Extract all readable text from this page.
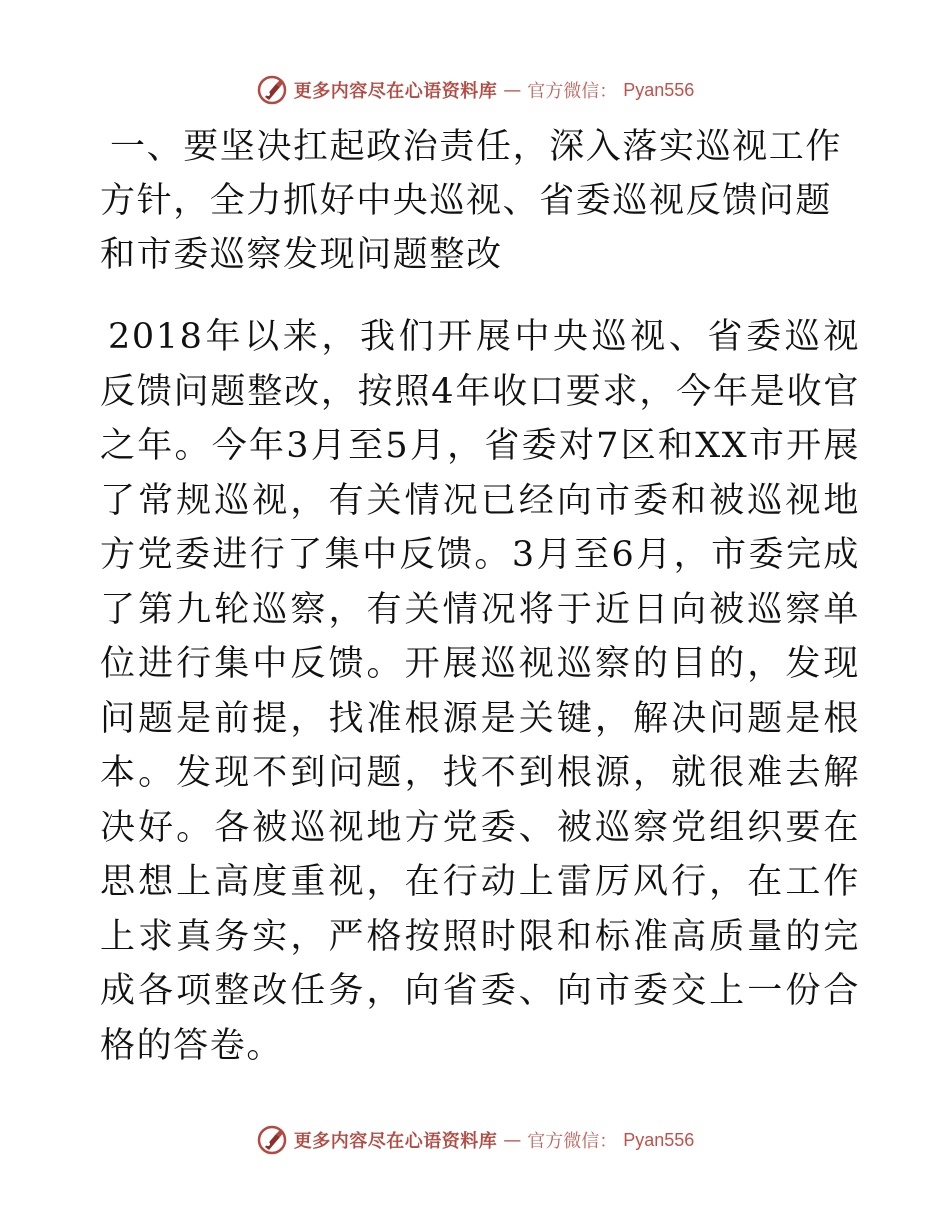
更多内容尽在心语资料库 — 官方微信： Pyan556
一、要坚决扛起政治责任，深入落实巡视工作方针，全力抓好中央巡视、省委巡视反馈问题和市委巡察发现问题整改

2018年以来，我们开展中央巡视、省委巡视反馈问题整改，按照4年收口要求，今年是收官之年。今年3月至5月，省委对7区和XX市开展了常规巡视，有关情况已经向市委和被巡视地方党委进行了集中反馈。3月至6月，市委完成了第九轮巡察，有关情况将于近日向被巡察单位进行集中反馈。开展巡视巡察的目的，发现问题是前提，找准根源是关键，解决问题是根本。发现不到问题，找不到根源，就很难去解决好。各被巡视地方党委、被巡察党组织要在思想上高度重视，在行动上雷厉风行，在工作上求真务实，严格按照时限和标准高质量的完成各项整改任务，向省委、向市委交上一份合格的答卷。

更多内容尽在心语资料库 — 官方微信： Pyan556
